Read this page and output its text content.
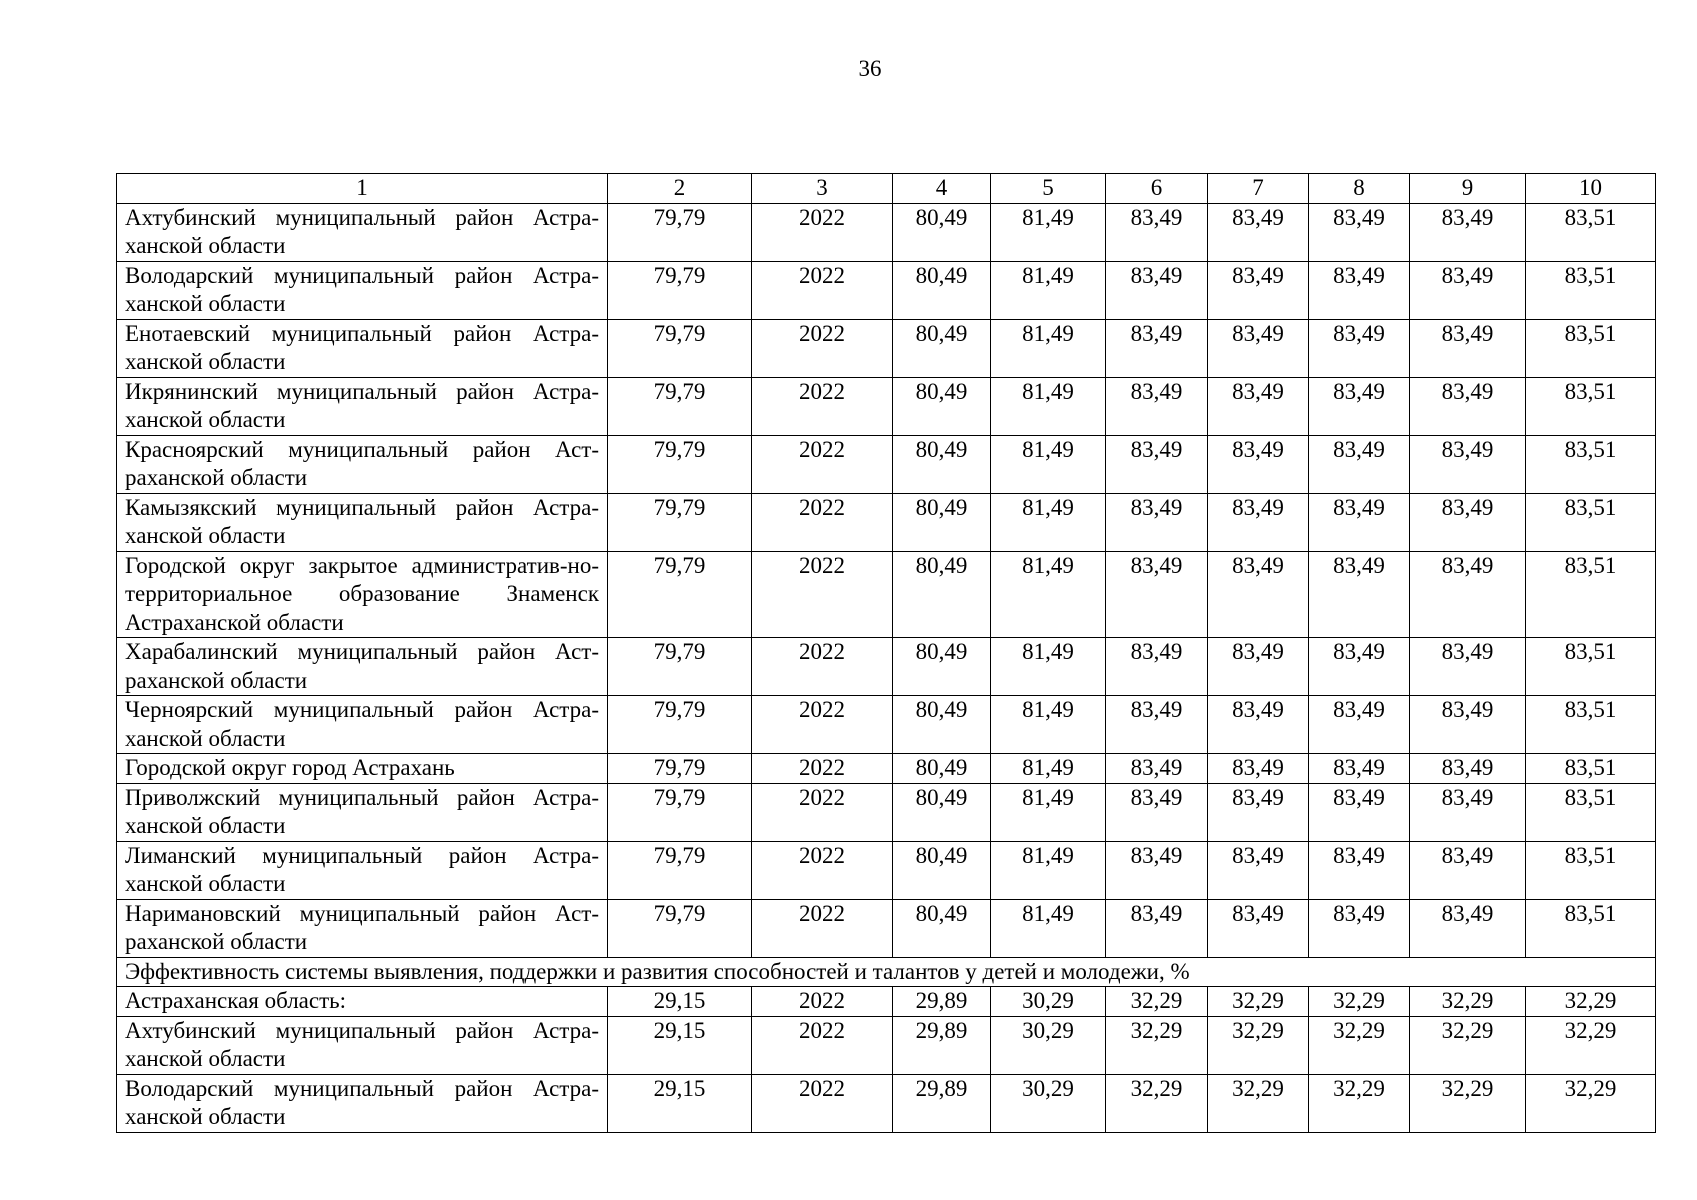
36
1	2	3	4	5	6	7	8	9	10
Ахтубинский муниципальный район Астра-ханской области	79,79	2022	80,49	81,49	83,49	83,49	83,49	83,49	83,51
Володарский муниципальный район Астра-ханской области	79,79	2022	80,49	81,49	83,49	83,49	83,49	83,49	83,51
Енотаевский муниципальный район Астра-ханской области	79,79	2022	80,49	81,49	83,49	83,49	83,49	83,49	83,51
Икрянинский муниципальный район Астра-ханской области	79,79	2022	80,49	81,49	83,49	83,49	83,49	83,49	83,51
Красноярский муниципальный район Аст-раханской области	79,79	2022	80,49	81,49	83,49	83,49	83,49	83,49	83,51
Камызякский муниципальный район Астра-ханской области	79,79	2022	80,49	81,49	83,49	83,49	83,49	83,49	83,51
Городской округ закрытое административ-но-территориальное образование Знаменск Астраханской области	79,79	2022	80,49	81,49	83,49	83,49	83,49	83,49	83,51
Харабалинский муниципальный район Аст-раханской области	79,79	2022	80,49	81,49	83,49	83,49	83,49	83,49	83,51
Черноярский муниципальный район Астра-ханской области	79,79	2022	80,49	81,49	83,49	83,49	83,49	83,49	83,51
Городской округ город Астрахань	79,79	2022	80,49	81,49	83,49	83,49	83,49	83,49	83,51
Приволжский муниципальный район Астра-ханской области	79,79	2022	80,49	81,49	83,49	83,49	83,49	83,49	83,51
Лиманский муниципальный район Астра-ханской области	79,79	2022	80,49	81,49	83,49	83,49	83,49	83,49	83,51
Наримановский муниципальный район Аст-раханской области	79,79	2022	80,49	81,49	83,49	83,49	83,49	83,49	83,51
Эффективность системы выявления, поддержки и развития способностей и талантов у детей и молодежи, %									
Астраханская область:	29,15	2022	29,89	30,29	32,29	32,29	32,29	32,29	32,29
Ахтубинский муниципальный район Астра-ханской области	29,15	2022	29,89	30,29	32,29	32,29	32,29	32,29	32,29
Володарский муниципальный район Астра-ханской области	29,15	2022	29,89	30,29	32,29	32,29	32,29	32,29	32,29
